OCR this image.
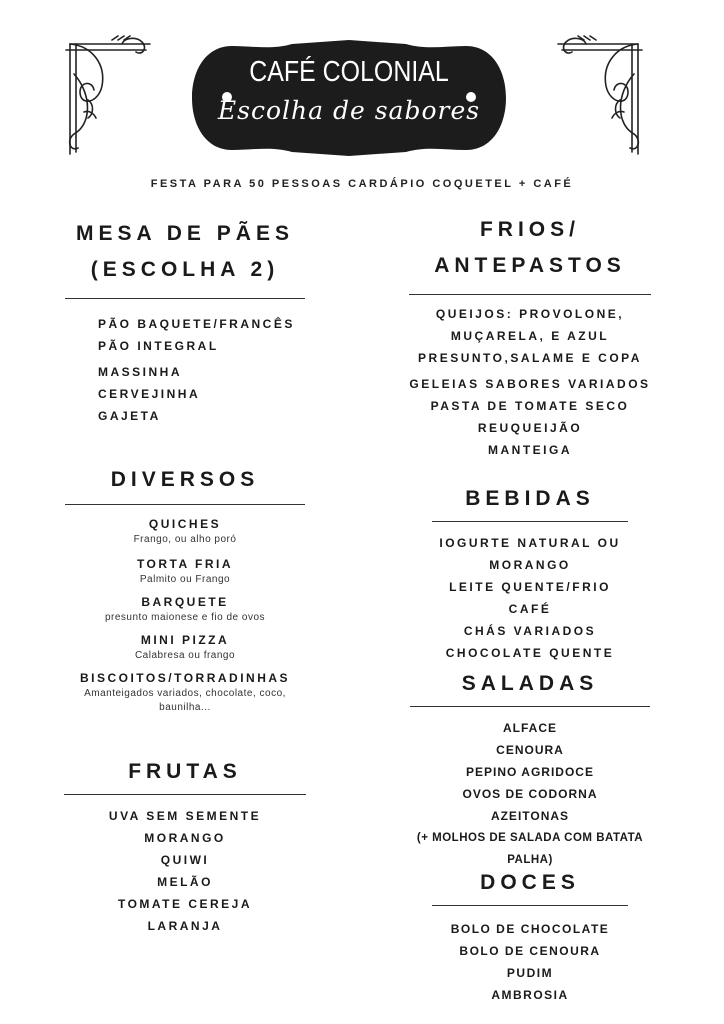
CAFÉ COLONIAL
Escolha de sabores
FESTA PARA 50 PESSOAS CARDÁPIO COQUETEL + CAFÉ

MESA DE PÃES

(ESCOLHA 2)

PÃO BAQUETE/FRANCÊS

PÃO INTEGRAL

MASSINHA

CERVEJINHA

GAJETA

DIVERSOS

QUICHES

Frango, ou alho poró

TORTA FRIA

Palmito ou Frango

BARQUETE

presunto maionese e fio de ovos

MINI PIZZA

Calabresa ou frango

BISCOITOS/TORRADINHAS

Amanteigados variados, chocolate, coco, baunilha...

FRUTAS

UVA SEM SEMENTE

MORANGO

QUIWI

MELÃO

TOMATE CEREJA

LARANJA

FRIOS/

ANTEPASTOS

QUEIJOS: PROVOLONE,

MUÇARELA, E AZUL

PRESUNTO,SALAME E COPA

GELEIAS SABORES VARIADOS

PASTA DE TOMATE SECO

REUQUEIJÃO

MANTEIGA

BEBIDAS

IOGURTE NATURAL OU MORANGO

LEITE QUENTE/FRIO

CAFÉ

CHÁS VARIADOS

CHOCOLATE QUENTE

SALADAS

ALFACE

CENOURA

PEPINO AGRIDOCE

OVOS DE CODORNA

AZEITONAS

(+ MOLHOS DE SALADA COM BATATA PALHA)

DOCES

BOLO DE CHOCOLATE

BOLO DE CENOURA

PUDIM

AMBROSIA
